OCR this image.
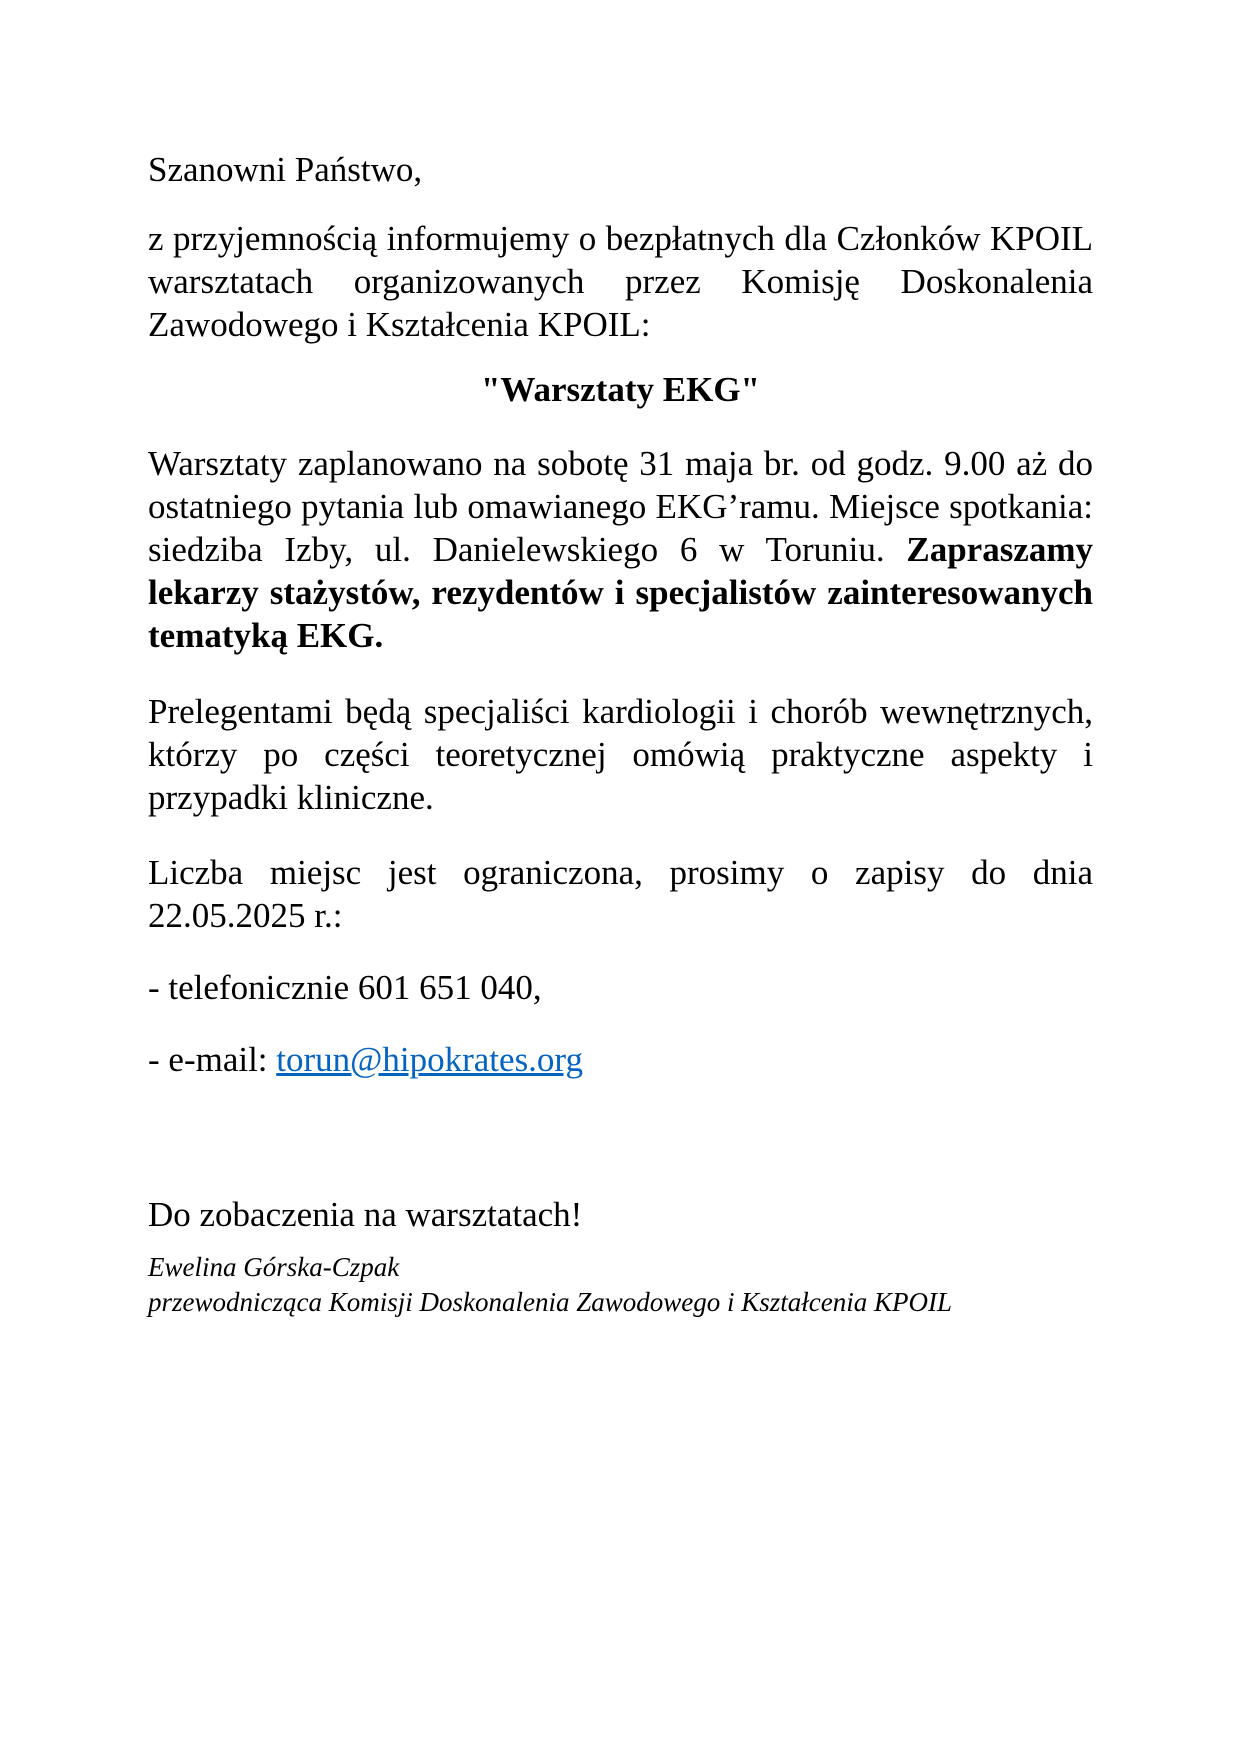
Szanowni Państwo,

z przyjemnością informujemy o bezpłatnych dla Członków KPOIL warsztatach organizowanych przez Komisję Doskonalenia Zawodowego i Kształcenia KPOIL:

"Warsztaty EKG"

Warsztaty zaplanowano na sobotę 31 maja br. od godz. 9.00 aż do ostatniego pytania lub omawianego EKG’ramu. Miejsce spotkania: siedziba Izby, ul. Danielewskiego 6 w Toruniu. Zapraszamy lekarzy stażystów, rezydentów i specjalistów zainteresowanych tematyką EKG.

Prelegentami będą specjaliści kardiologii i chorób wewnętrznych, którzy po części teoretycznej omówią praktyczne aspekty i przypadki kliniczne.

Liczba miejsc jest ograniczona, prosimy o zapisy do dnia 22.05.2025 r.:

- telefonicznie 601 651 040,

- e-mail: torun@hipokrates.org

Do zobaczenia na warsztatach!

Ewelina Górska-Czpak
przewodnicząca Komisji Doskonalenia Zawodowego i Kształcenia KPOIL
